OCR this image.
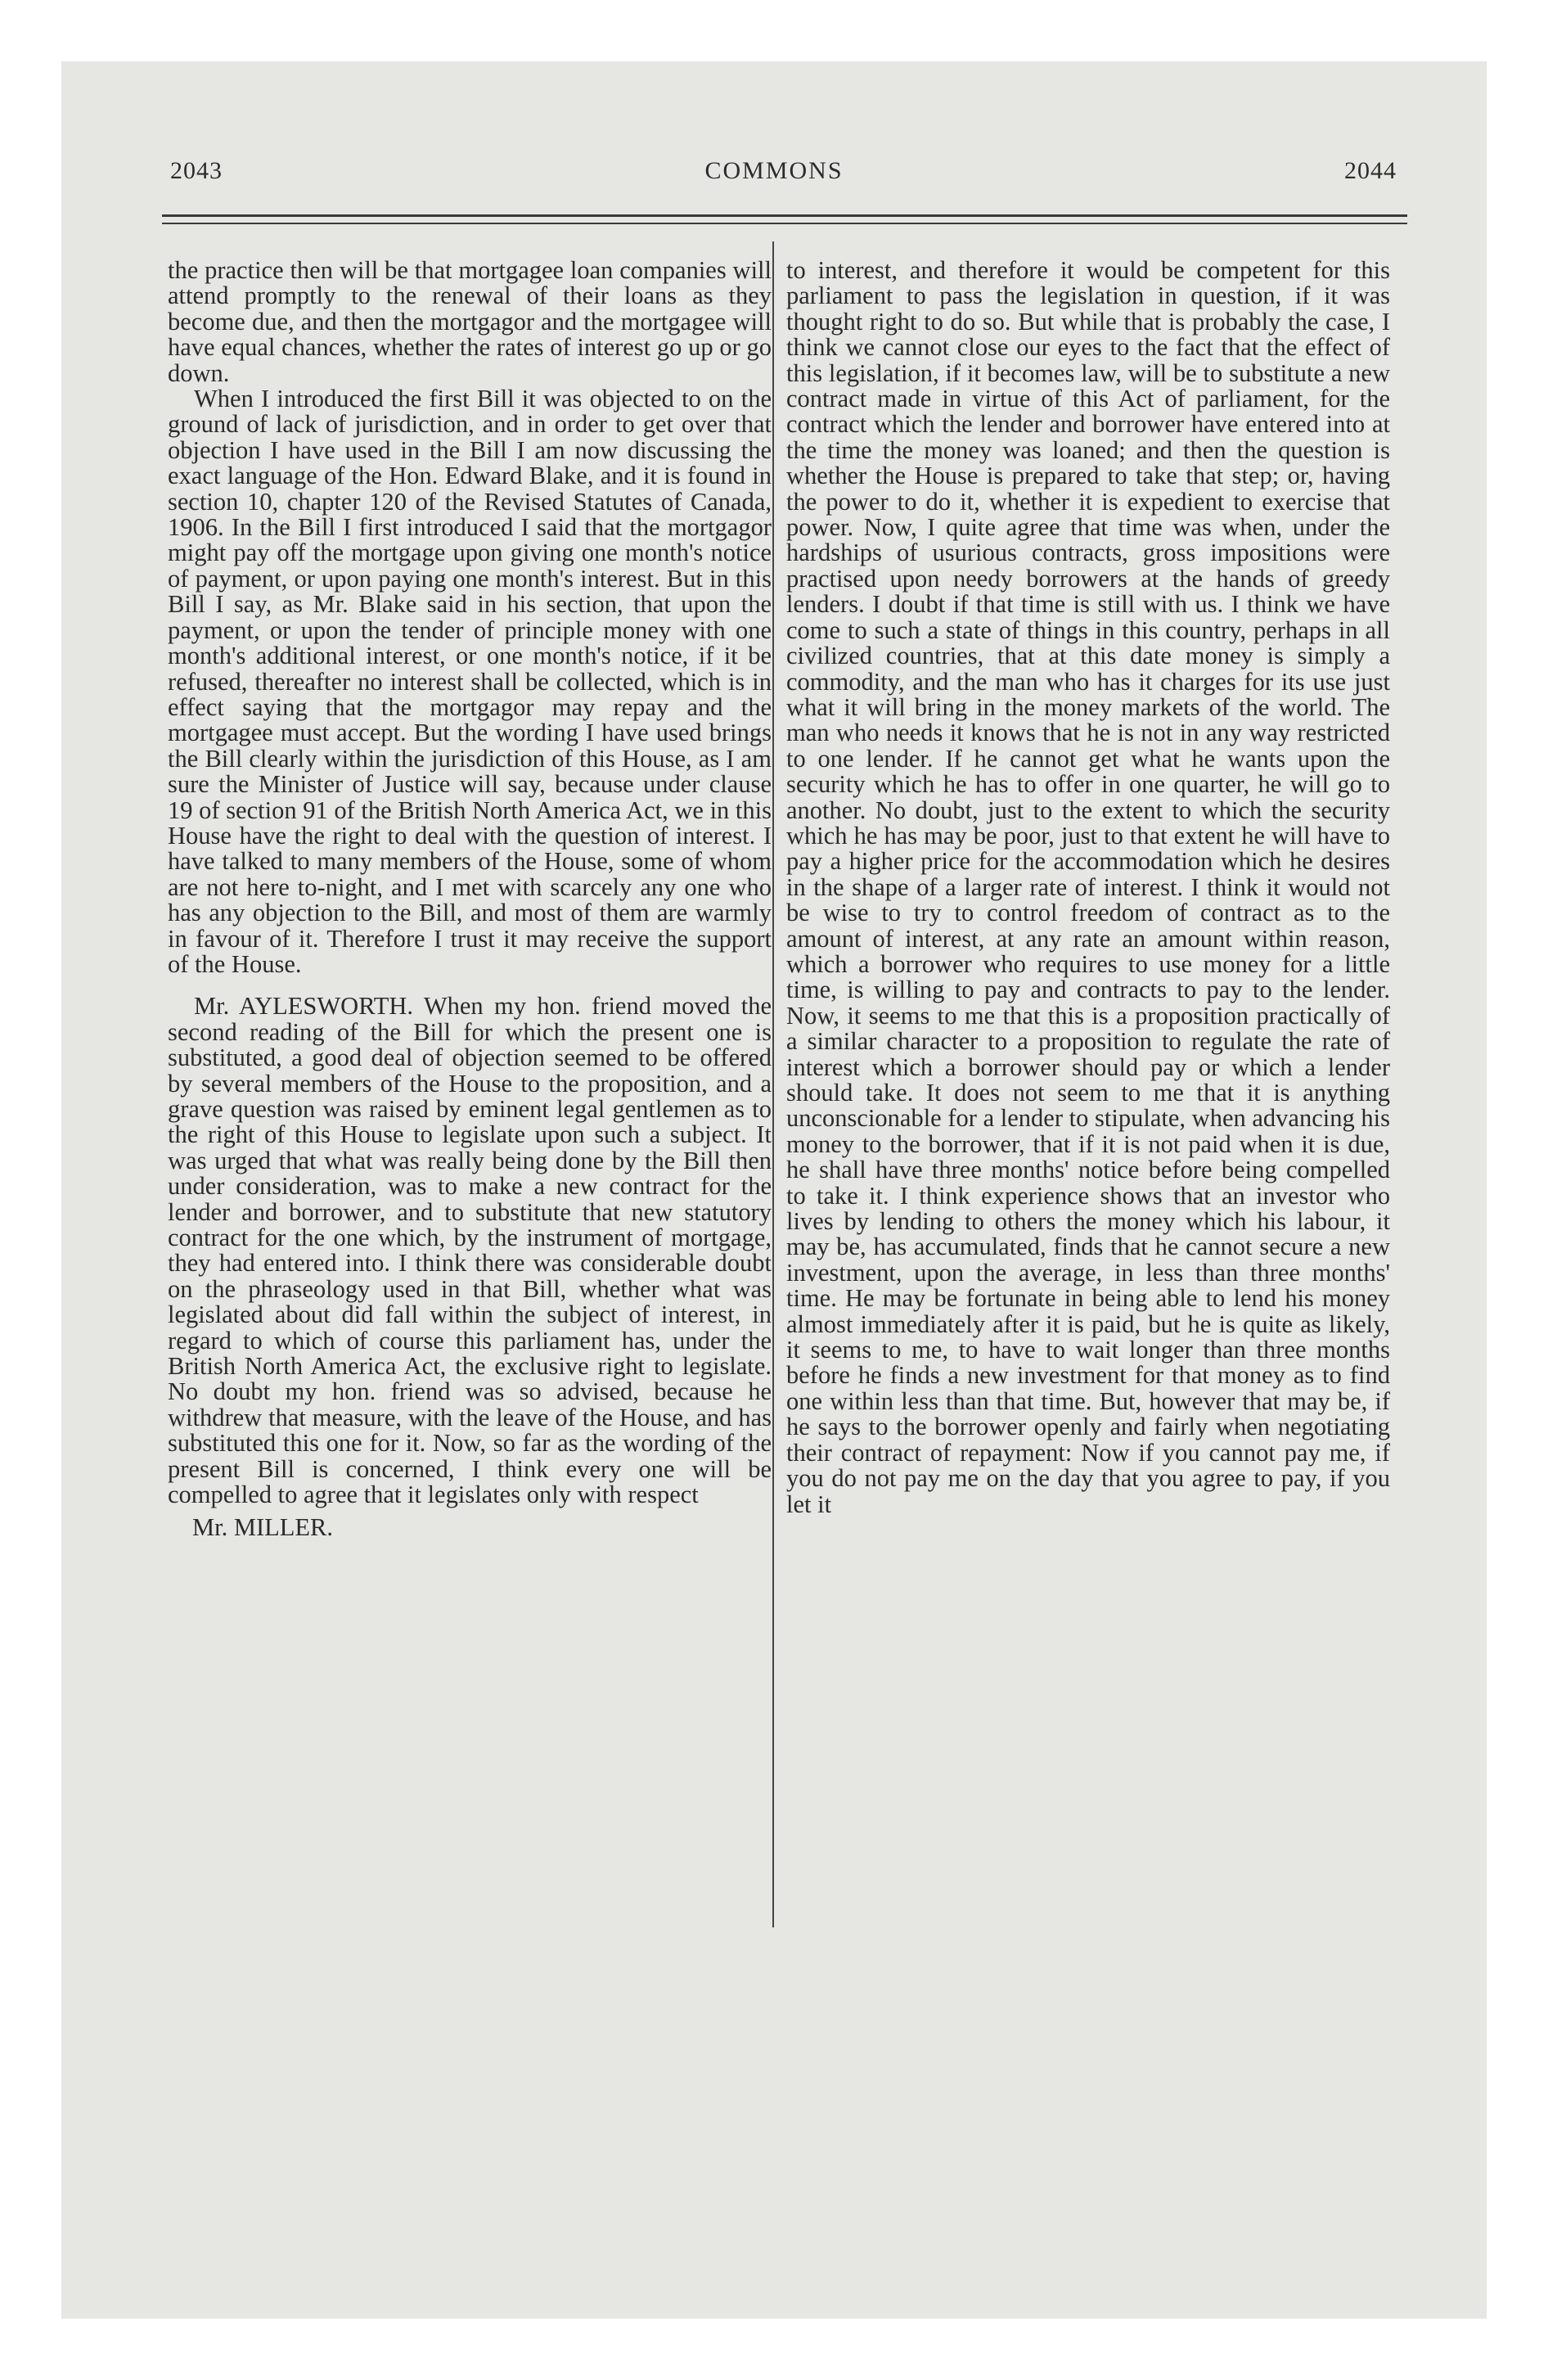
2043	COMMONS	2044

the practice then will be that mortgagee loan companies will attend promptly to the renewal of their loans as they become due, and then the mortgagor and the mortgagee will have equal chances, whether the rates of interest go up or go down.

When I introduced the first Bill it was objected to on the ground of lack of jurisdiction, and in order to get over that objection I have used in the Bill I am now discussing the exact language of the Hon. Edward Blake, and it is found in section 10, chapter 120 of the Revised Statutes of Canada, 1906. In the Bill I first introduced I said that the mortgagor might pay off the mortgage upon giving one month's notice of payment, or upon paying one month's interest. But in this Bill I say, as Mr. Blake said in his section, that upon the payment, or upon the tender of principle money with one month's additional interest, or one month's notice, if it be refused, thereafter no interest shall be collected, which is in effect saying that the mortgagor may repay and the mortgagee must accept. But the wording I have used brings the Bill clearly within the jurisdiction of this House, as I am sure the Minister of Justice will say, because under clause 19 of section 91 of the British North America Act, we in this House have the right to deal with the question of interest. I have talked to many members of the House, some of whom are not here to-night, and I met with scarcely any one who has any objection to the Bill, and most of them are warmly in favour of it. Therefore I trust it may receive the support of the House.

Mr. AYLESWORTH. When my hon. friend moved the second reading of the Bill for which the present one is substituted, a good deal of objection seemed to be offered by several members of the House to the proposition, and a grave question was raised by eminent legal gentlemen as to the right of this House to legislate upon such a subject. It was urged that what was really being done by the Bill then under consideration, was to make a new contract for the lender and borrower, and to substitute that new statutory contract for the one which, by the instrument of mortgage, they had entered into. I think there was considerable doubt on the phraseology used in that Bill, whether what was legislated about did fall within the subject of interest, in regard to which of course this parliament has, under the British North America Act, the exclusive right to legislate. No doubt my hon. friend was so advised, because he withdrew that measure, with the leave of the House, and has substituted this one for it. Now, so far as the wording of the present Bill is concerned, I think every one will be compelled to agree that it legislates only with respect

Mr. MILLER.

to interest, and therefore it would be competent for this parliament to pass the legislation in question, if it was thought right to do so. But while that is probably the case, I think we cannot close our eyes to the fact that the effect of this legislation, if it becomes law, will be to substitute a new contract made in virtue of this Act of parliament, for the contract which the lender and borrower have entered into at the time the money was loaned; and then the question is whether the House is prepared to take that step; or, having the power to do it, whether it is expedient to exercise that power. Now, I quite agree that time was when, under the hardships of usurious contracts, gross impositions were practised upon needy borrowers at the hands of greedy lenders. I doubt if that time is still with us. I think we have come to such a state of things in this country, perhaps in all civilized countries, that at this date money is simply a commodity, and the man who has it charges for its use just what it will bring in the money markets of the world. The man who needs it knows that he is not in any way restricted to one lender. If he cannot get what he wants upon the security which he has to offer in one quarter, he will go to another. No doubt, just to the extent to which the security which he has may be poor, just to that extent he will have to pay a higher price for the accommodation which he desires in the shape of a larger rate of interest. I think it would not be wise to try to control freedom of contract as to the amount of interest, at any rate an amount within reason, which a borrower who requires to use money for a little time, is willing to pay and contracts to pay to the lender. Now, it seems to me that this is a proposition practically of a similar character to a proposition to regulate the rate of interest which a borrower should pay or which a lender should take. It does not seem to me that it is anything unconscionable for a lender to stipulate, when advancing his money to the borrower, that if it is not paid when it is due, he shall have three months' notice before being compelled to take it. I think experience shows that an investor who lives by lending to others the money which his labour, it may be, has accumulated, finds that he cannot secure a new investment, upon the average, in less than three months' time. He may be fortunate in being able to lend his money almost immediately after it is paid, but he is quite as likely, it seems to me, to have to wait longer than three months before he finds a new investment for that money as to find one within less than that time. But, however that may be, if he says to the borrower openly and fairly when negotiating their contract of repayment: Now if you cannot pay me, if you do not pay me on the day that you agree to pay, if you let it
